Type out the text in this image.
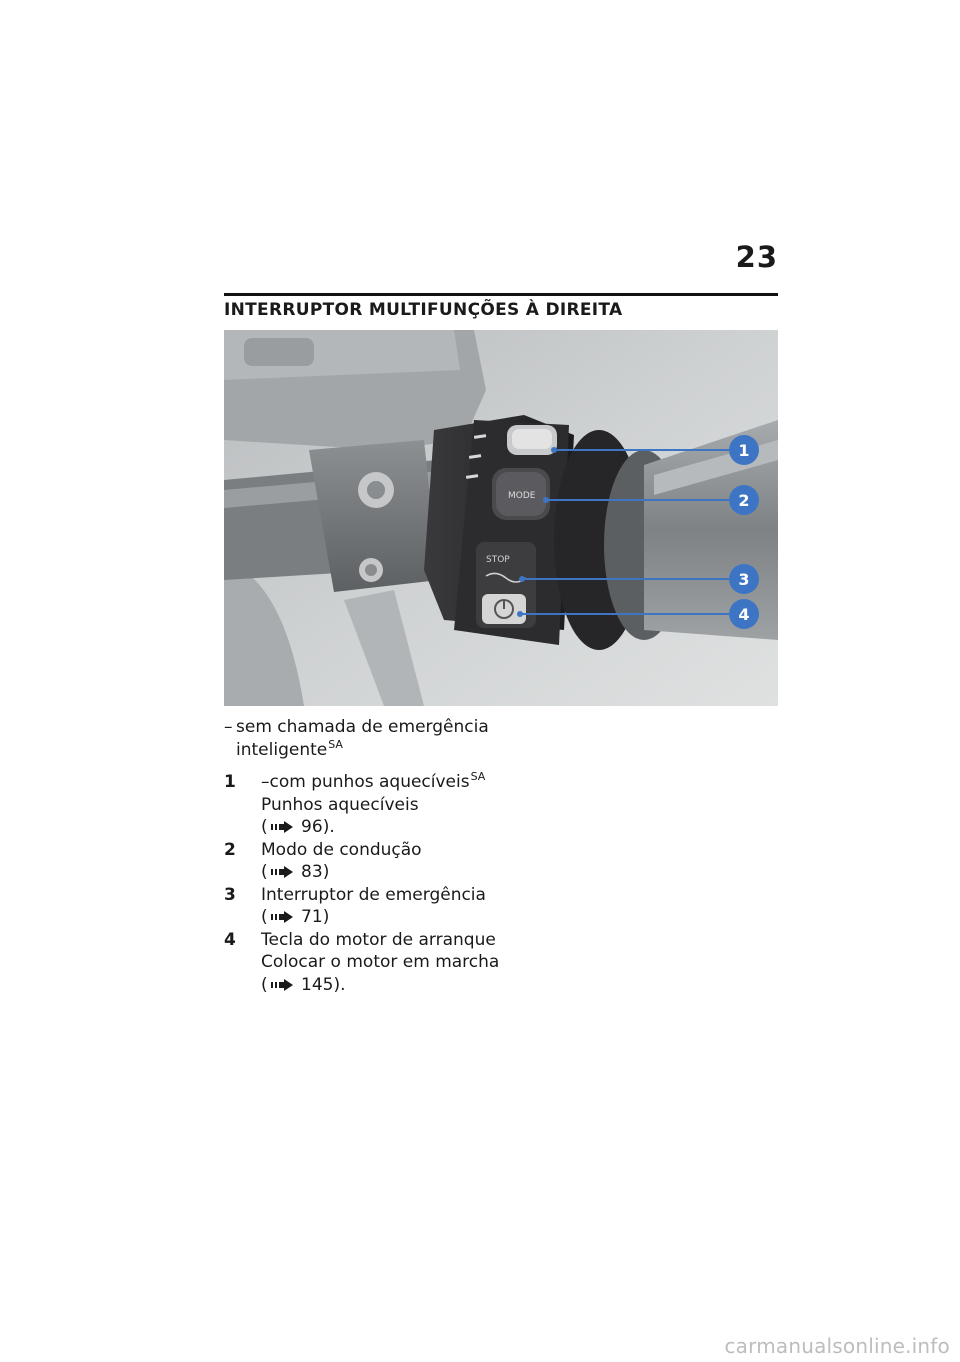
23
INTERRUPTOR MULTIFUNÇÕES À DIREITA
MODE
STOP
1
2
3
4
– sem chamada de emergência inteligente$^{SA}$
1	–com punhos aquecíveis$^{SA}$
Punhos aquecíveis
( 96).
2	Modo de condução
( 83)
3	Interruptor de emergência
( 71)
4	Tecla do motor de arranque
Colocar o motor em marcha ( 145).
carmanualsonline.info
